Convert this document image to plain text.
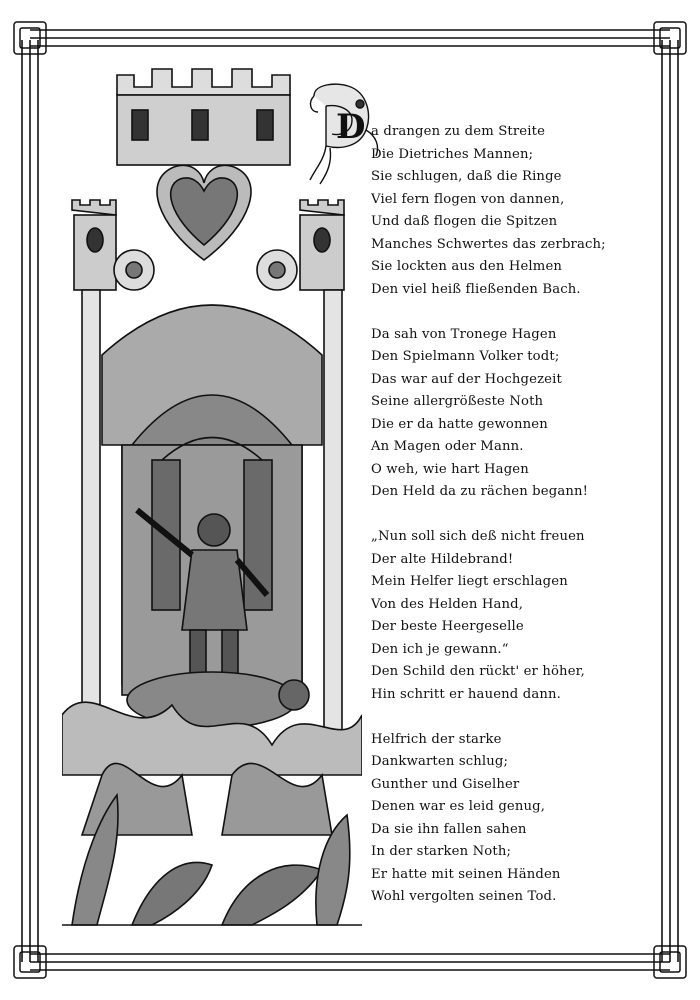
D a drangen zu dem Streite
Die Dietriches Mannen;
Sie schlugen, daß die Ringe
Viel fern flogen von dannen,
Und daß flogen die Spitzen
Manches Schwertes das zerbrach;
Sie lockten aus den Helmen
Den viel heiß fließenden Bach.
Da sah von Tronege Hagen
Den Spielmann Volker todt;
Das war auf der Hochgezeit
Seine allergrößeste Noth
Die er da hatte gewonnen
An Magen oder Mann.
O weh, wie hart Hagen
Den Held da zu rächen begann!
„Nun soll sich deß nicht freuen
Der alte Hildebrand!
Mein Helfer liegt erschlagen
Von des Helden Hand,
Der beste Heergeselle
Den ich je gewann.“
Den Schild den rückt' er höher,
Hin schritt er hauend dann.
Helfrich der starke
Dankwarten schlug;
Gunther und Giselher
Denen war es leid genug,
Da sie ihn fallen sahen
In der starken Noth;
Er hatte mit seinen Händen
Wohl vergolten seinen Tod.
